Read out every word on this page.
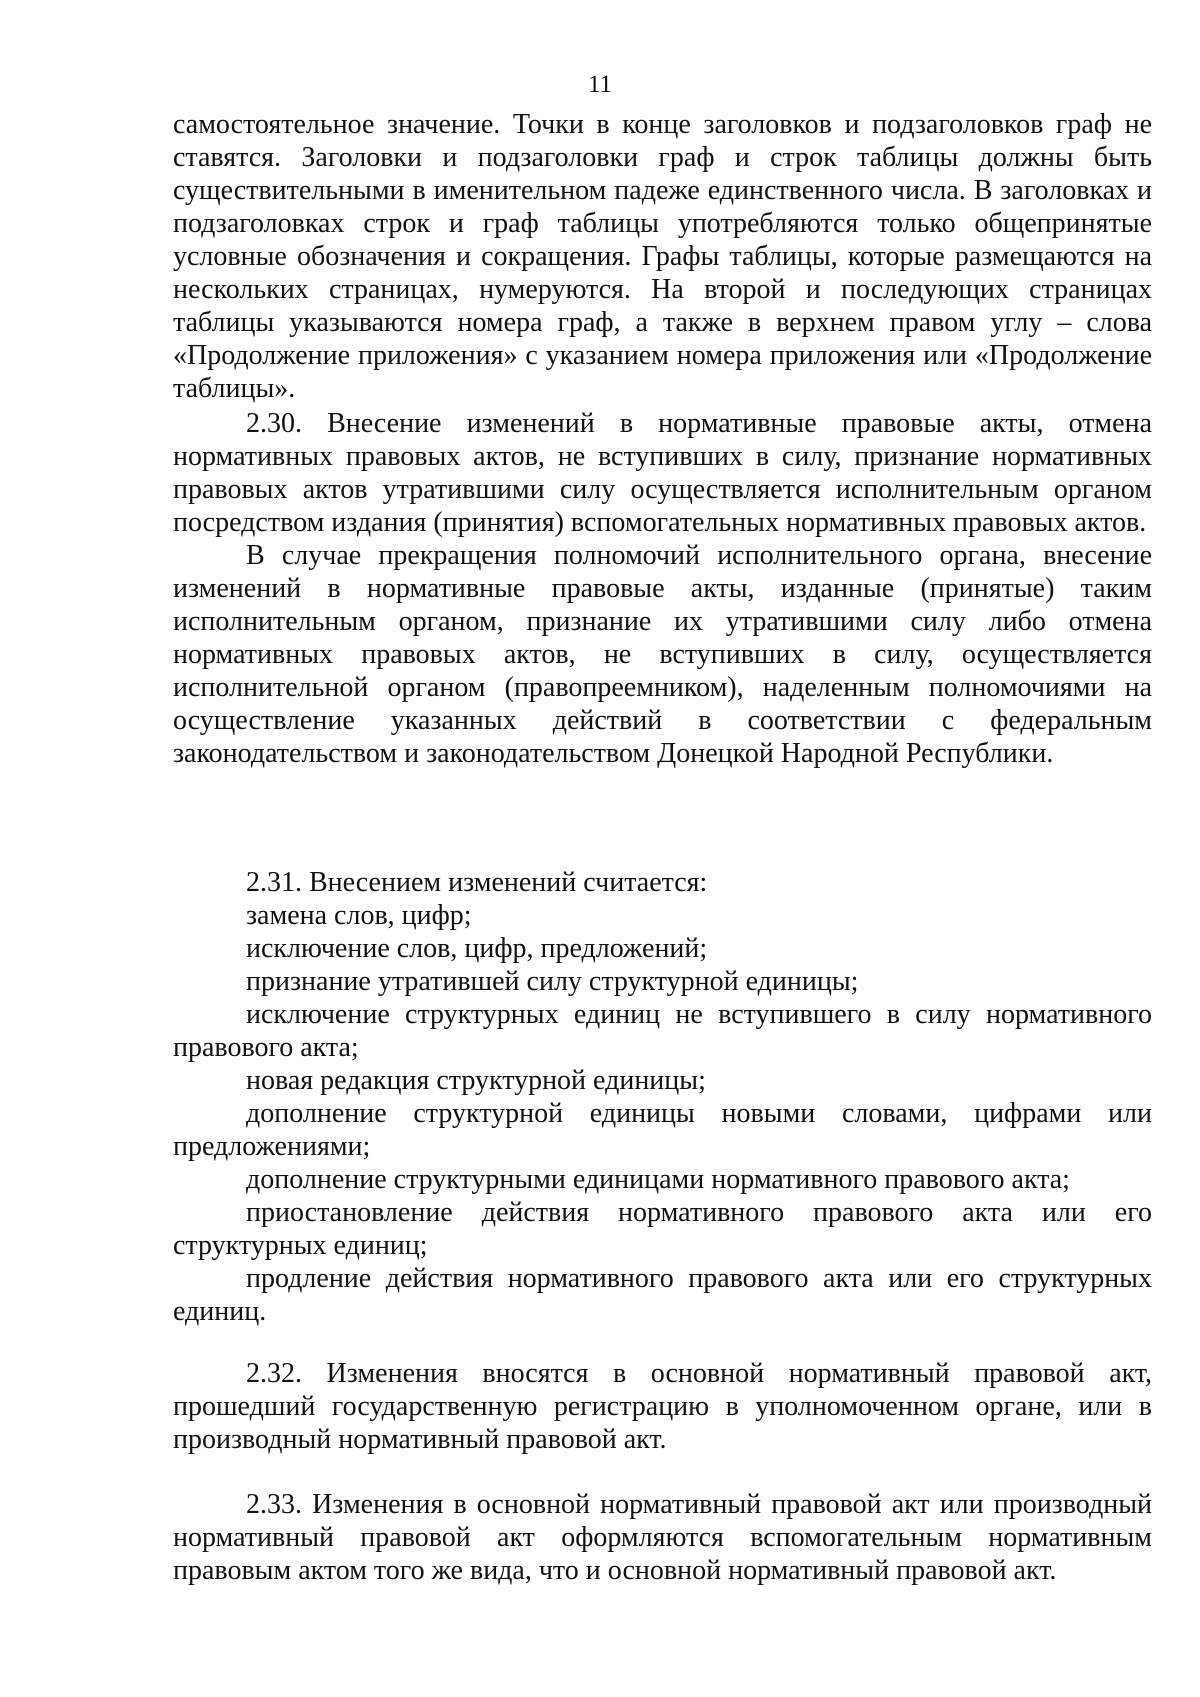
11

самостоятельное значение. Точки в конце заголовков и подзаголовков граф не ставятся. Заголовки и подзаголовки граф и строк таблицы должны быть существительными в именительном падеже единственного числа. В заголовках и подзаголовках строк и граф таблицы употребляются только общепринятые условные обозначения и сокращения. Графы таблицы, которые размещаются на нескольких страницах, нумеруются. На второй и последующих страницах таблицы указываются номера граф, а также в верхнем правом углу – слова «Продолжение приложения» с указанием номера приложения или «Продолжение таблицы».

2.30. Внесение изменений в нормативные правовые акты, отмена нормативных правовых актов, не вступивших в силу, признание нормативных правовых актов утратившими силу осуществляется исполнительным органом посредством издания (принятия) вспомогательных нормативных правовых актов.

В случае прекращения полномочий исполнительного органа, внесение изменений в нормативные правовые акты, изданные (принятые) таким исполнительным органом, признание их утратившими силу либо отмена нормативных правовых актов, не вступивших в силу, осуществляется исполнительной органом (правопреемником), наделенным полномочиями на осуществление указанных действий в соответствии с федеральным законодательством и законодательством Донецкой Народной Республики.

2.31. Внесением изменений считается:

замена слов, цифр;

исключение слов, цифр, предложений;

признание утратившей силу структурной единицы;

исключение структурных единиц не вступившего в силу нормативного правового акта;

новая редакция структурной единицы;

дополнение структурной единицы новыми словами, цифрами или предложениями;

дополнение структурными единицами нормативного правового акта;

приостановление действия нормативного правового акта или его структурных единиц;

продление действия нормативного правового акта или его структурных единиц.

2.32. Изменения вносятся в основной нормативный правовой акт, прошедший государственную регистрацию в уполномоченном органе, или в производный нормативный правовой акт.

2.33. Изменения в основной нормативный правовой акт или производный нормативный правовой акт оформляются вспомогательным нормативным правовым актом того же вида, что и основной нормативный правовой акт.
